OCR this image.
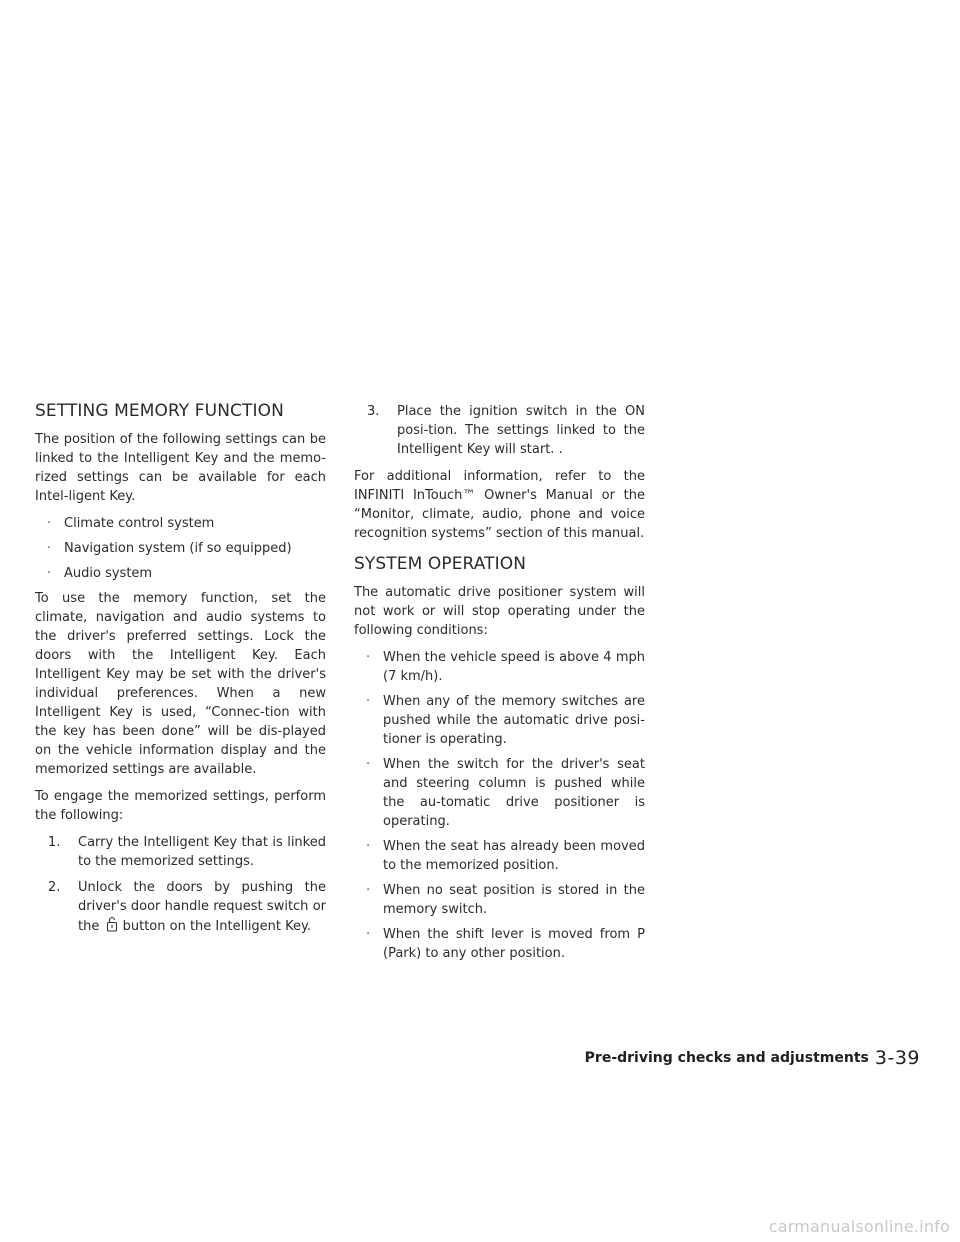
SETTING MEMORY FUNCTION

The position of the following settings can be linked to the Intelligent Key and the memo-rized settings can be available for each Intel-ligent Key.

· Climate control system
· Navigation system (if so equipped)
· Audio system

To use the memory function, set the climate, navigation and audio systems to the driver's preferred settings. Lock the doors with the Intelligent Key. Each Intelligent Key may be set with the driver's individual preferences. When a new Intelligent Key is used, “Connec-tion with the key has been done” will be dis-played on the vehicle information display and the memorized settings are available.

To engage the memorized settings, perform the following:

1. Carry the Intelligent Key that is linked to the memorized settings.
2. Unlock the doors by pushing the driver's door handle request switch or the button on the Intelligent Key.
3. Place the ignition switch in the ON posi-tion. The settings linked to the Intelligent Key will start. .

For additional information, refer to the INFINITI InTouch™ Owner's Manual or the “Monitor, climate, audio, phone and voice recognition systems” section of this manual.

SYSTEM OPERATION

The automatic drive positioner system will not work or will stop operating under the following conditions:

· When the vehicle speed is above 4 mph (7 km/h).
· When any of the memory switches are pushed while the automatic drive posi-tioner is operating.
· When the switch for the driver's seat and steering column is pushed while the au-tomatic drive positioner is operating.
· When the seat has already been moved to the memorized position.
· When no seat position is stored in the memory switch.
· When the shift lever is moved from P (Park) to any other position.
Pre-driving checks and adjustments 3-39
carmanualsonline.info
